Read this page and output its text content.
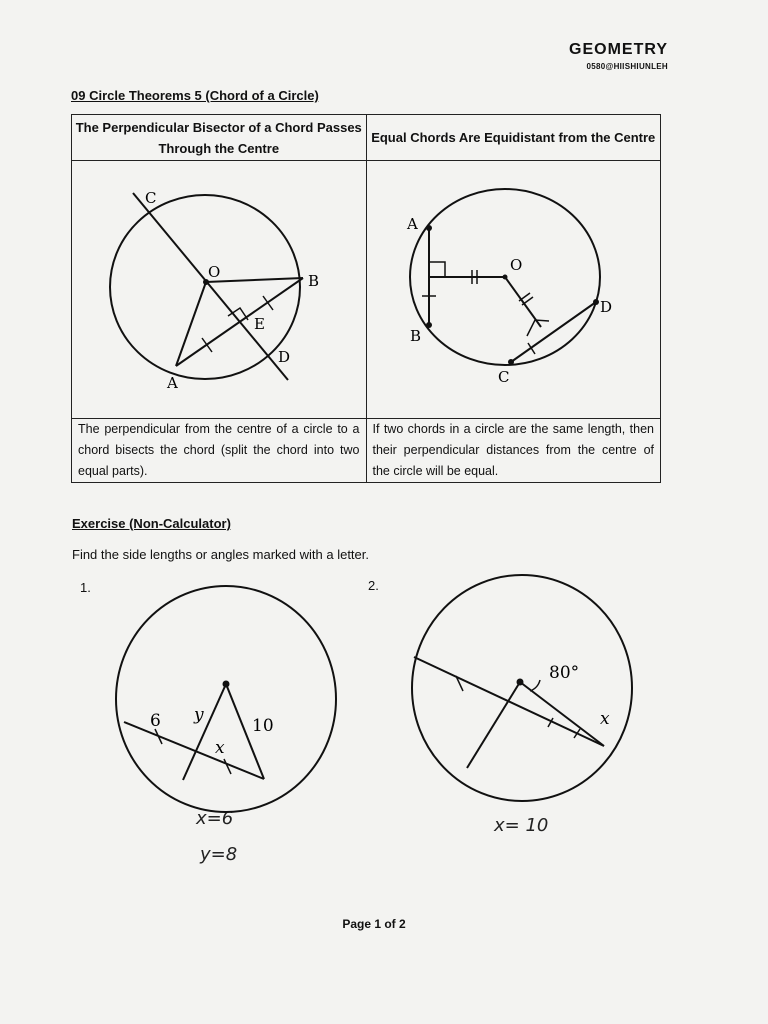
GEOMETRY
0580@HIISHIUNLEH
09 Circle Theorems 5 (Chord of a Circle)
The Perpendicular Bisector of a Chord Passes Through the Centre	Equal Chords Are Equidistant from the Centre

The perpendicular from the centre of a circle to a chord bisects the chord (split the chord into two equal parts).	If two chords in a circle are the same length, then their perpendicular distances from the centre of the circle will be equal.
Exercise (Non-Calculator)
Find the side lengths or angles marked with a letter.
1.	2.
x=6
y=8
x= 10
Page 1 of 2
C
O	B
E
D
A
A
O
D
B
C
6 y
10
x
80°
x
